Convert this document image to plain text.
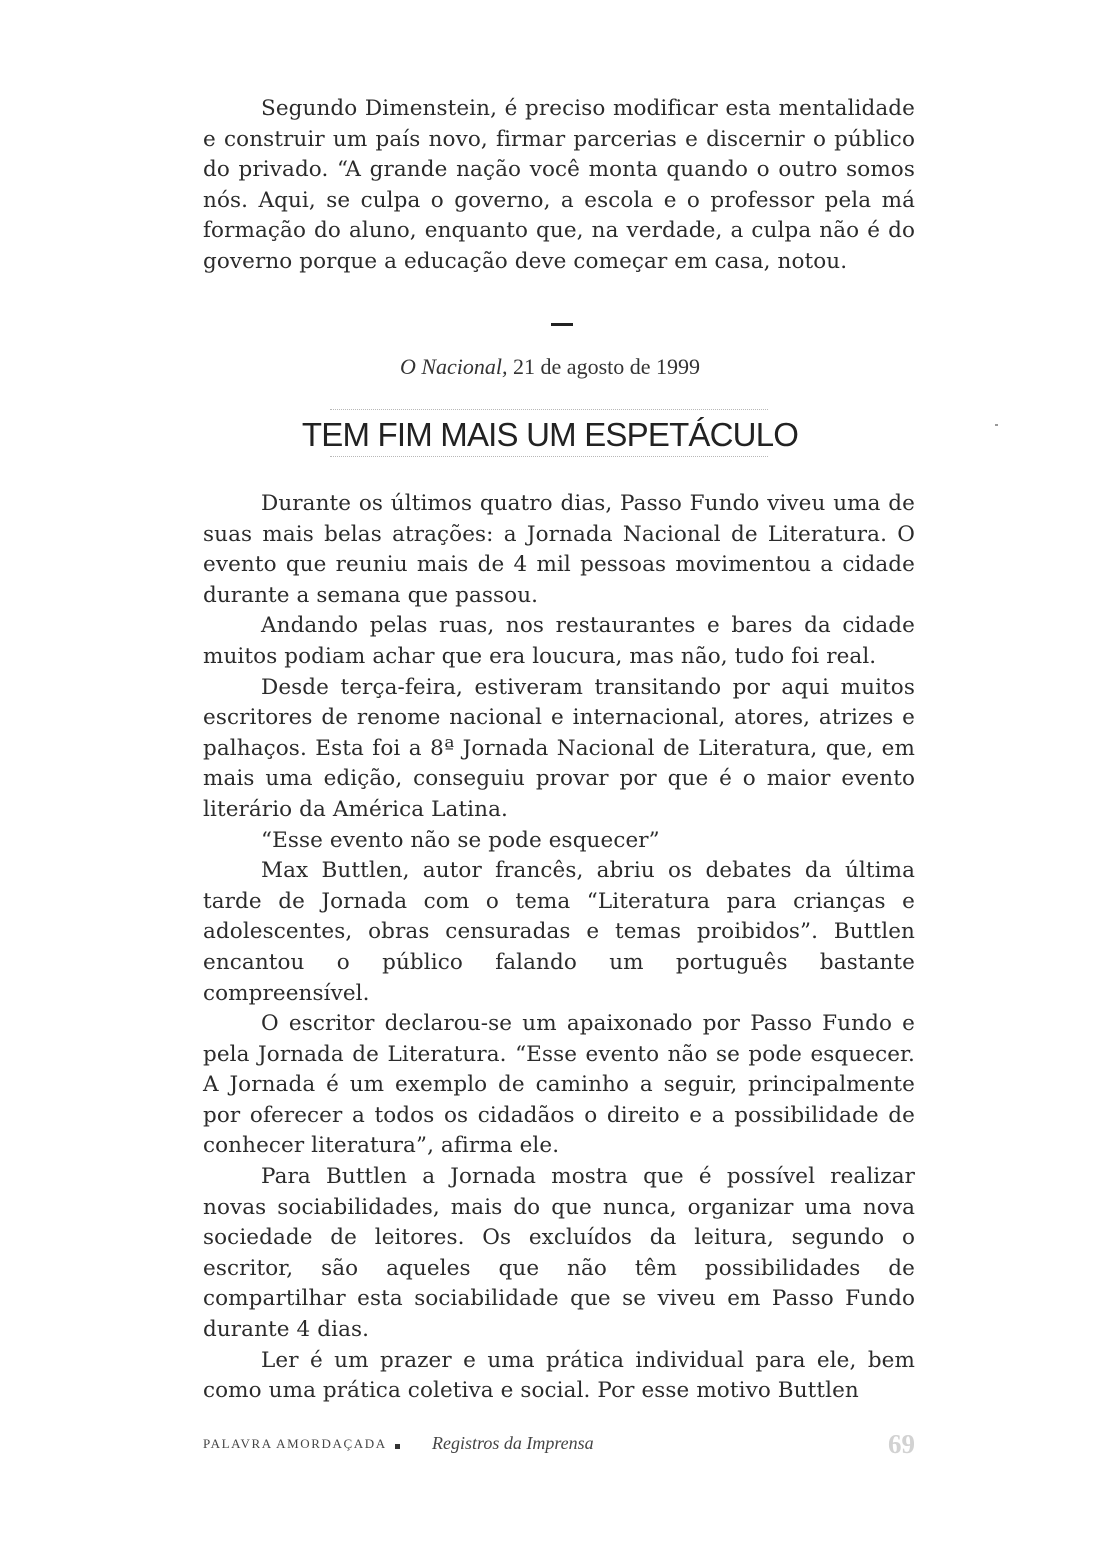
Segundo Dimenstein, é preciso modificar esta mentalidade e construir um país novo, firmar parcerias e discernir o público do privado. “A grande nação você monta quando o outro somos nós. Aqui, se culpa o governo, a escola e o professor pela má formação do aluno, enquanto que, na verdade, a culpa não é do governo porque a educação deve começar em casa, notou.

O Nacional, 21 de agosto de 1999
TEM FIM MAIS UM ESPETÁCULO

Durante os últimos quatro dias, Passo Fundo viveu uma de suas mais belas atrações: a Jornada Nacional de Literatura. O evento que reuniu mais de 4 mil pessoas movimentou a cidade durante a semana que passou.

Andando pelas ruas, nos restaurantes e bares da cidade muitos podiam achar que era loucura, mas não, tudo foi real.

Desde terça-feira, estiveram transitando por aqui muitos escritores de renome nacional e internacional, atores, atrizes e palhaços. Esta foi a 8ª Jornada Nacional de Literatura, que, em mais uma edição, conseguiu provar por que é o maior evento literário da América Latina.

“Esse evento não se pode esquecer”

Max Buttlen, autor francês, abriu os debates da última tarde de Jornada com o tema “Literatura para crianças e adolescentes, obras censuradas e temas proibidos”. Buttlen encantou o público falando um português bastante compreensível.

O escritor declarou-se um apaixonado por Passo Fundo e pela Jornada de Literatura. “Esse evento não se pode esquecer. A Jornada é um exemplo de caminho a seguir, principalmente por oferecer a todos os cidadãos o direito e a possibilidade de conhecer literatura”, afirma ele.

Para Buttlen a Jornada mostra que é possível realizar novas sociabilidades, mais do que nunca, organizar uma nova sociedade de leitores. Os excluídos da leitura, segundo o escritor, são aqueles que não têm possibilidades de compartilhar esta sociabilidade que se viveu em Passo Fundo durante 4 dias.

Ler é um prazer e uma prática individual para ele, bem como uma prática coletiva e social. Por esse motivo Buttlen

PALAVRA AMORDAÇADA	Registros da Imprensa	69
